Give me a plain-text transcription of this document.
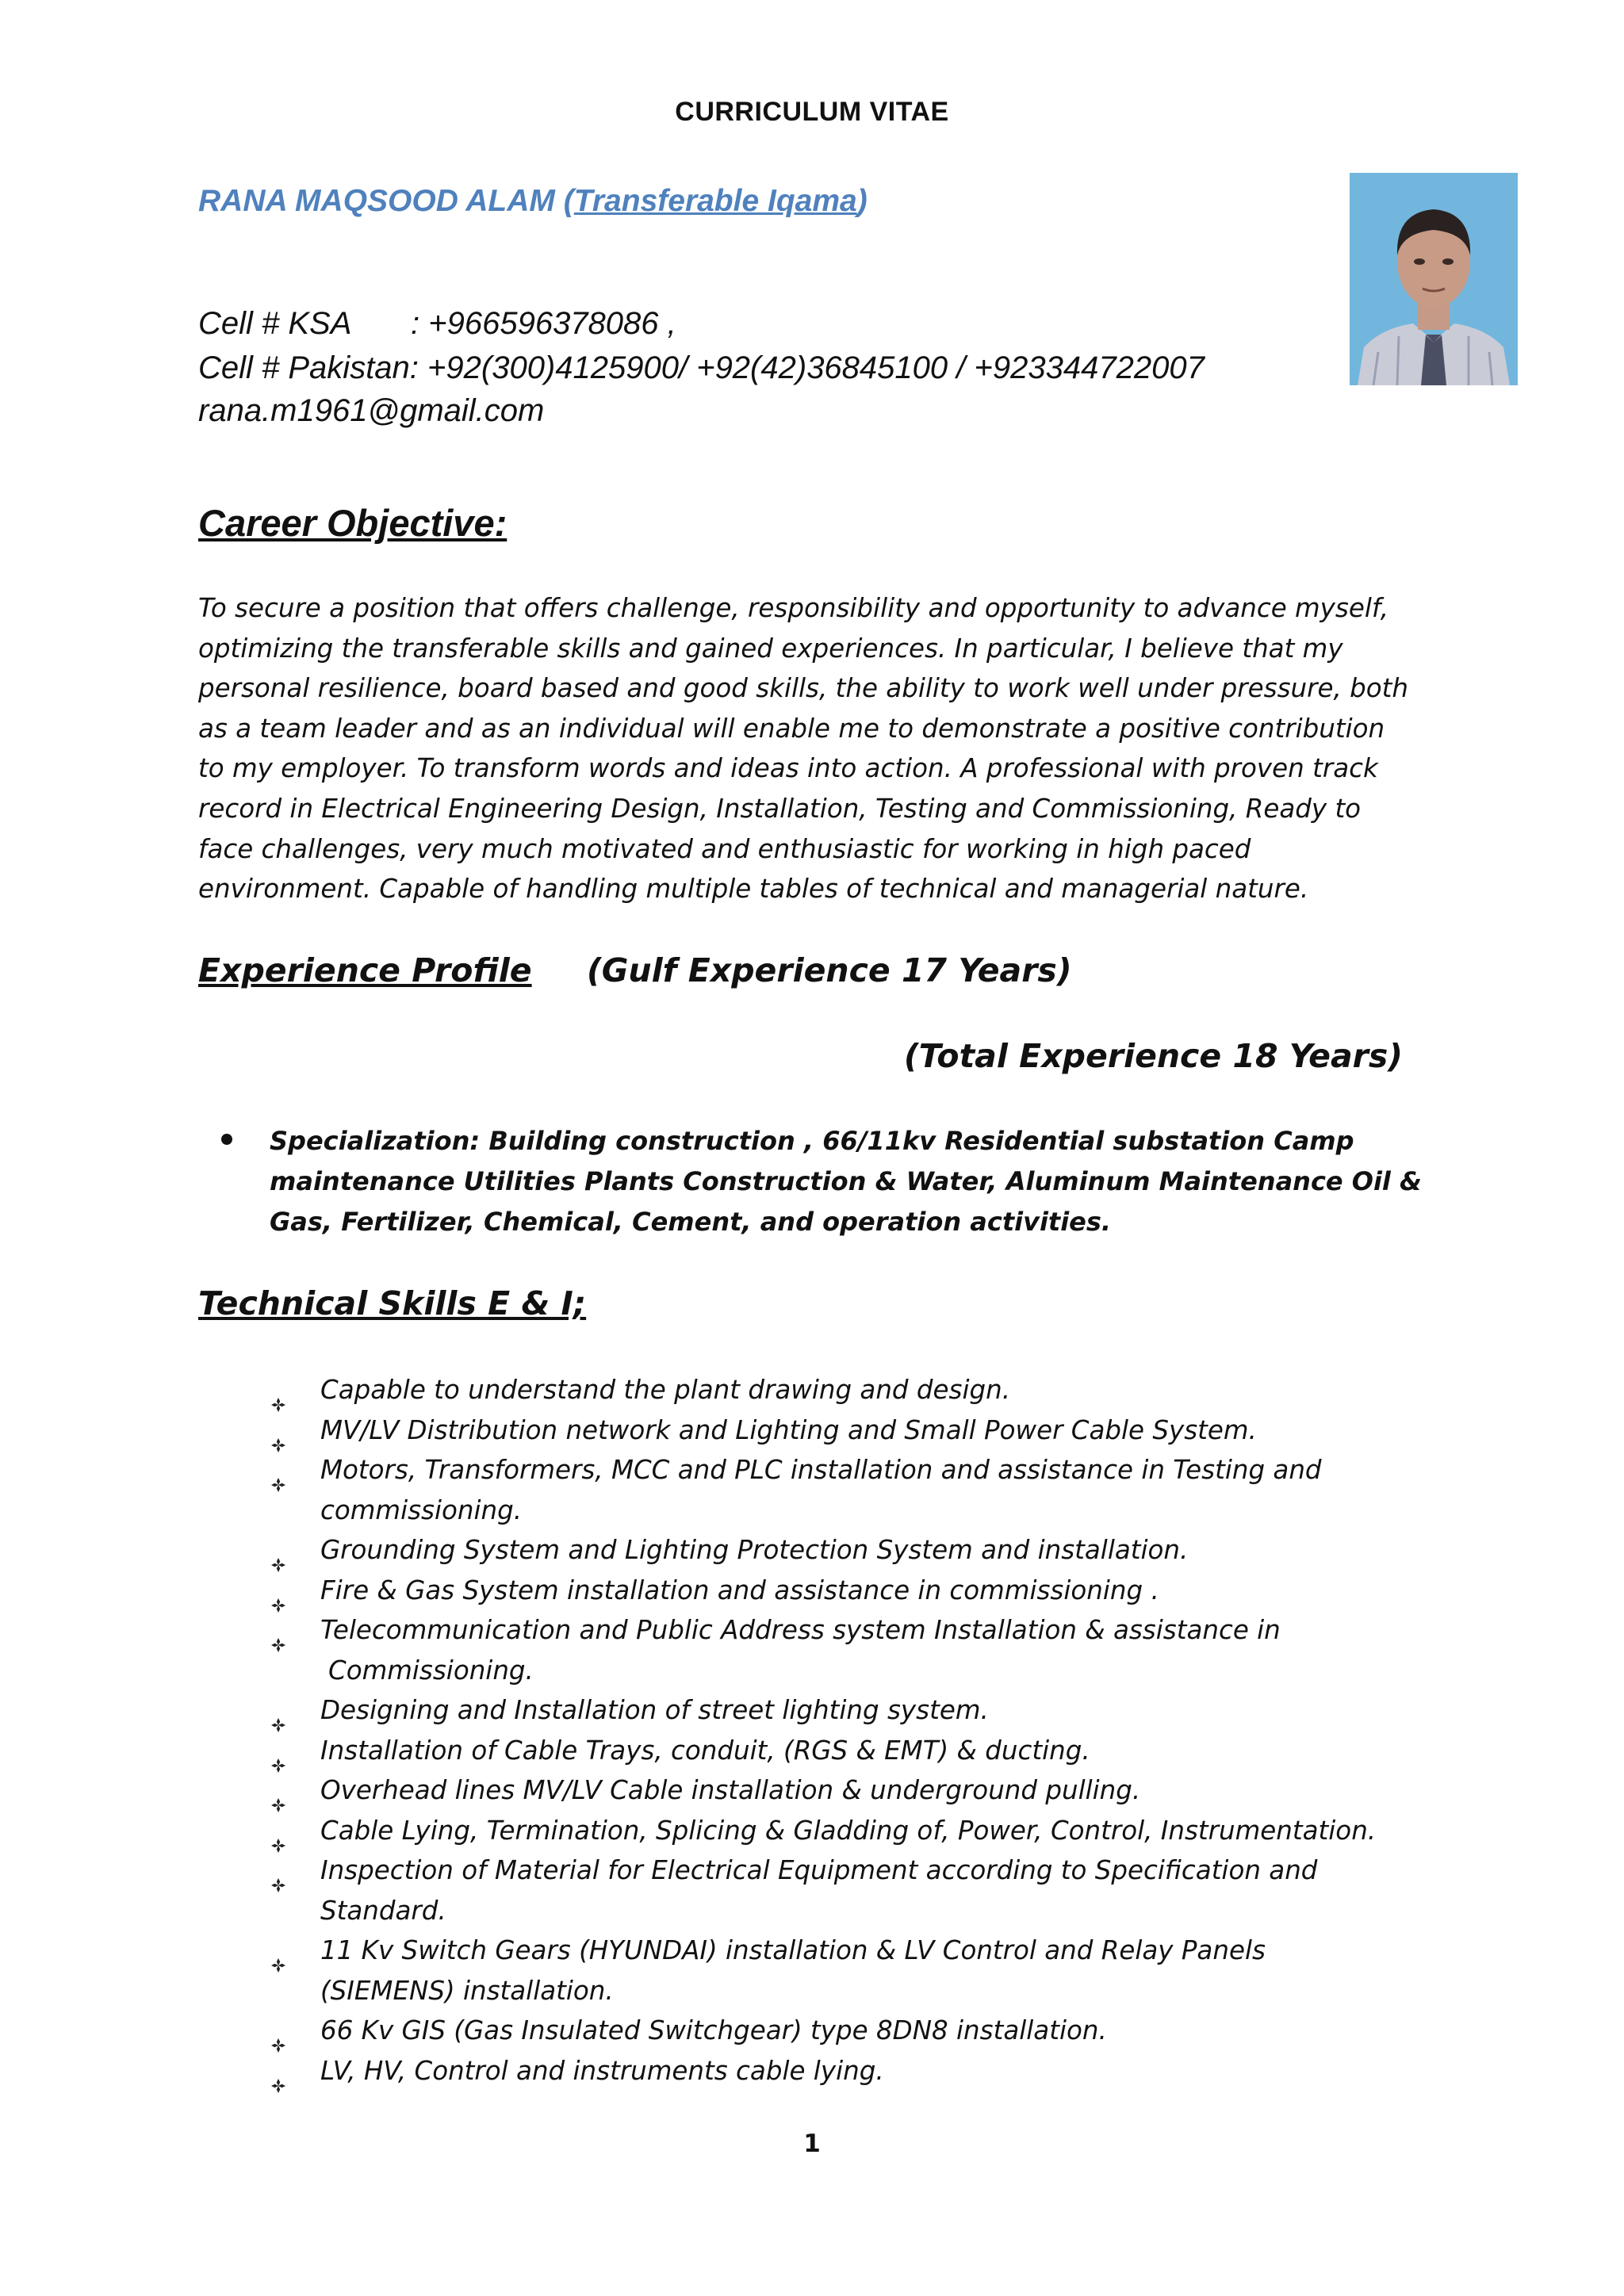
CURRICULUM VITAE
RANA MAQSOOD ALAM (Transferable Iqama)
Cell # KSA : +966596378086 ,
Cell # Pakistan: +92(300)4125900/ +92(42)36845100 / +923344722007
rana.m1961@gmail.com
Career Objective:
To secure a position that offers challenge, responsibility and opportunity to advance myself,
optimizing the transferable skills and gained experiences. In particular, I believe that my
personal resilience, board based and good skills, the ability to work well under pressure, both
as a team leader and as an individual will enable me to demonstrate a positive contribution
to my employer. To transform words and ideas into action. A professional with proven track
record in Electrical Engineering Design, Installation, Testing and Commissioning, Ready to
face challenges, very much motivated and enthusiastic for working in high paced
environment. Capable of handling multiple tables of technical and managerial nature.
Experience Profile (Gulf Experience 17 Years)
(Total Experience 18 Years)
Specialization: Building construction , 66/11kv Residential substation Camp
maintenance Utilities Plants Construction & Water, Aluminum Maintenance Oil &
Gas, Fertilizer, Chemical, Cement, and operation activities.
Technical Skills E & I;
Capable to understand the plant drawing and design.
MV/LV Distribution network and Lighting and Small Power Cable System.
Motors, Transformers, MCC and PLC installation and assistance in Testing and
commissioning.
Grounding System and Lighting Protection System and installation.
Fire & Gas System installation and assistance in commissioning .
Telecommunication and Public Address system Installation & assistance in
Commissioning.
Designing and Installation of street lighting system.
Installation of Cable Trays, conduit, (RGS & EMT) & ducting.
Overhead lines MV/LV Cable installation & underground pulling.
Cable Lying, Termination, Splicing & Gladding of, Power, Control, Instrumentation.
Inspection of Material for Electrical Equipment according to Specification and
Standard.
11 Kv Switch Gears (HYUNDAI) installation & LV Control and Relay Panels
(SIEMENS) installation.
66 Kv GIS (Gas Insulated Switchgear) type 8DN8 installation.
LV, HV, Control and instruments cable lying.
1
